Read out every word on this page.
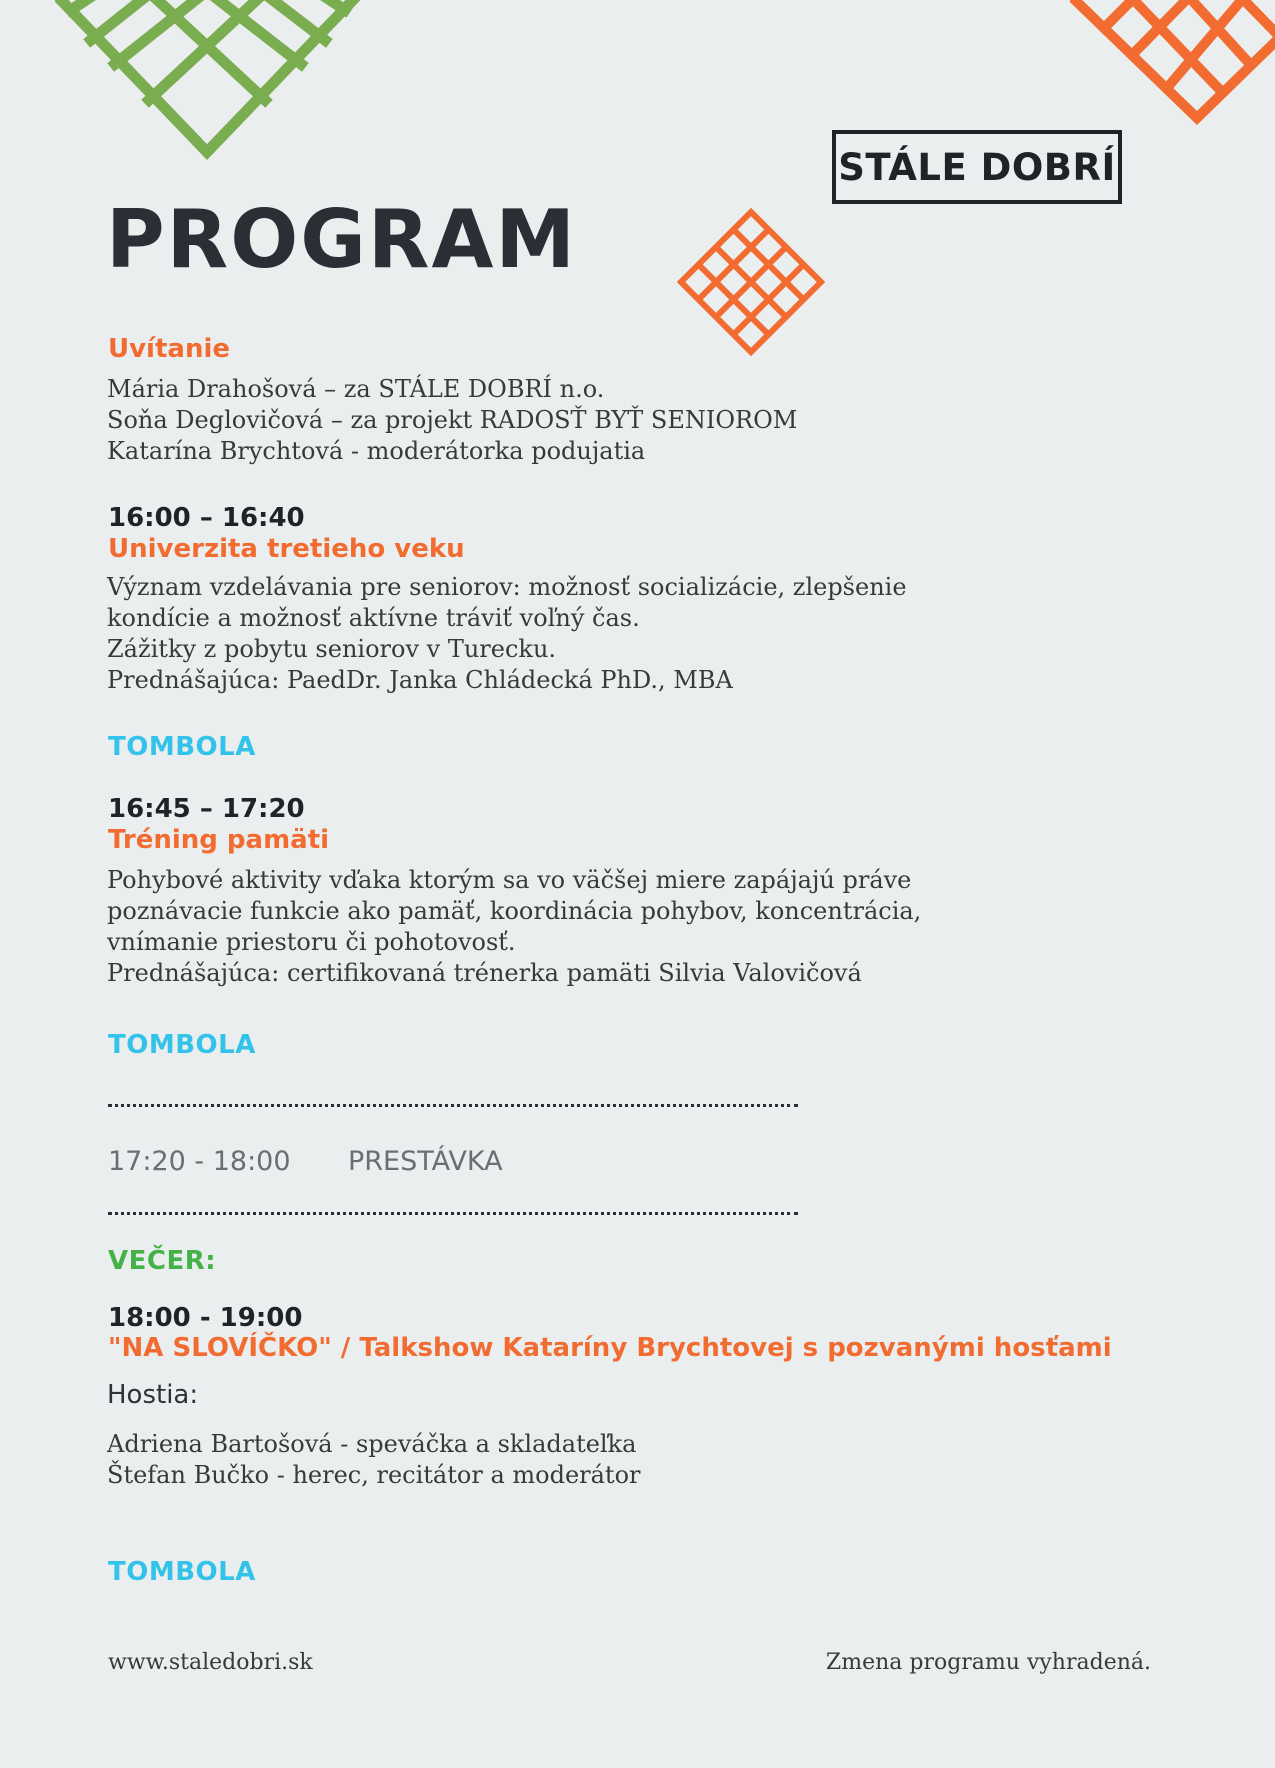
STÁLE DOBRÍ
PROGRAM
Uvítanie
Mária Drahošová – za STÁLE DOBRÍ n.o.
Soňa Deglovičová – za projekt RADOSŤ BYŤ SENIOROM
Katarína Brychtová - moderátorka podujatia
16:00 – 16:40
Univerzita tretieho veku
Význam vzdelávania pre seniorov: možnosť socializácie, zlepšenie
kondície a možnosť aktívne tráviť voľný čas.
Zážitky z pobytu seniorov v Turecku.
Prednášajúca: PaedDr. Janka Chládecká PhD., MBA
TOMBOLA
16:45 – 17:20
Tréning pamäti
Pohybové aktivity vďaka ktorým sa vo väčšej miere zapájajú práve
poznávacie funkcie ako pamäť, koordinácia pohybov, koncentrácia,
vnímanie priestoru či pohotovosť.
Prednášajúca: certifikovaná trénerka pamäti Silvia Valovičová
TOMBOLA
17:20 - 18:00 PRESTÁVKA
VEČER:
18:00 - 19:00
"NA SLOVÍČKO" / Talkshow Kataríny Brychtovej s pozvanými hosťami
Hostia:
Adriena Bartošová - speváčka a skladateľka
Štefan Bučko - herec, recitátor a moderátor
TOMBOLA
www.staledobri.sk	Zmena programu vyhradená.
